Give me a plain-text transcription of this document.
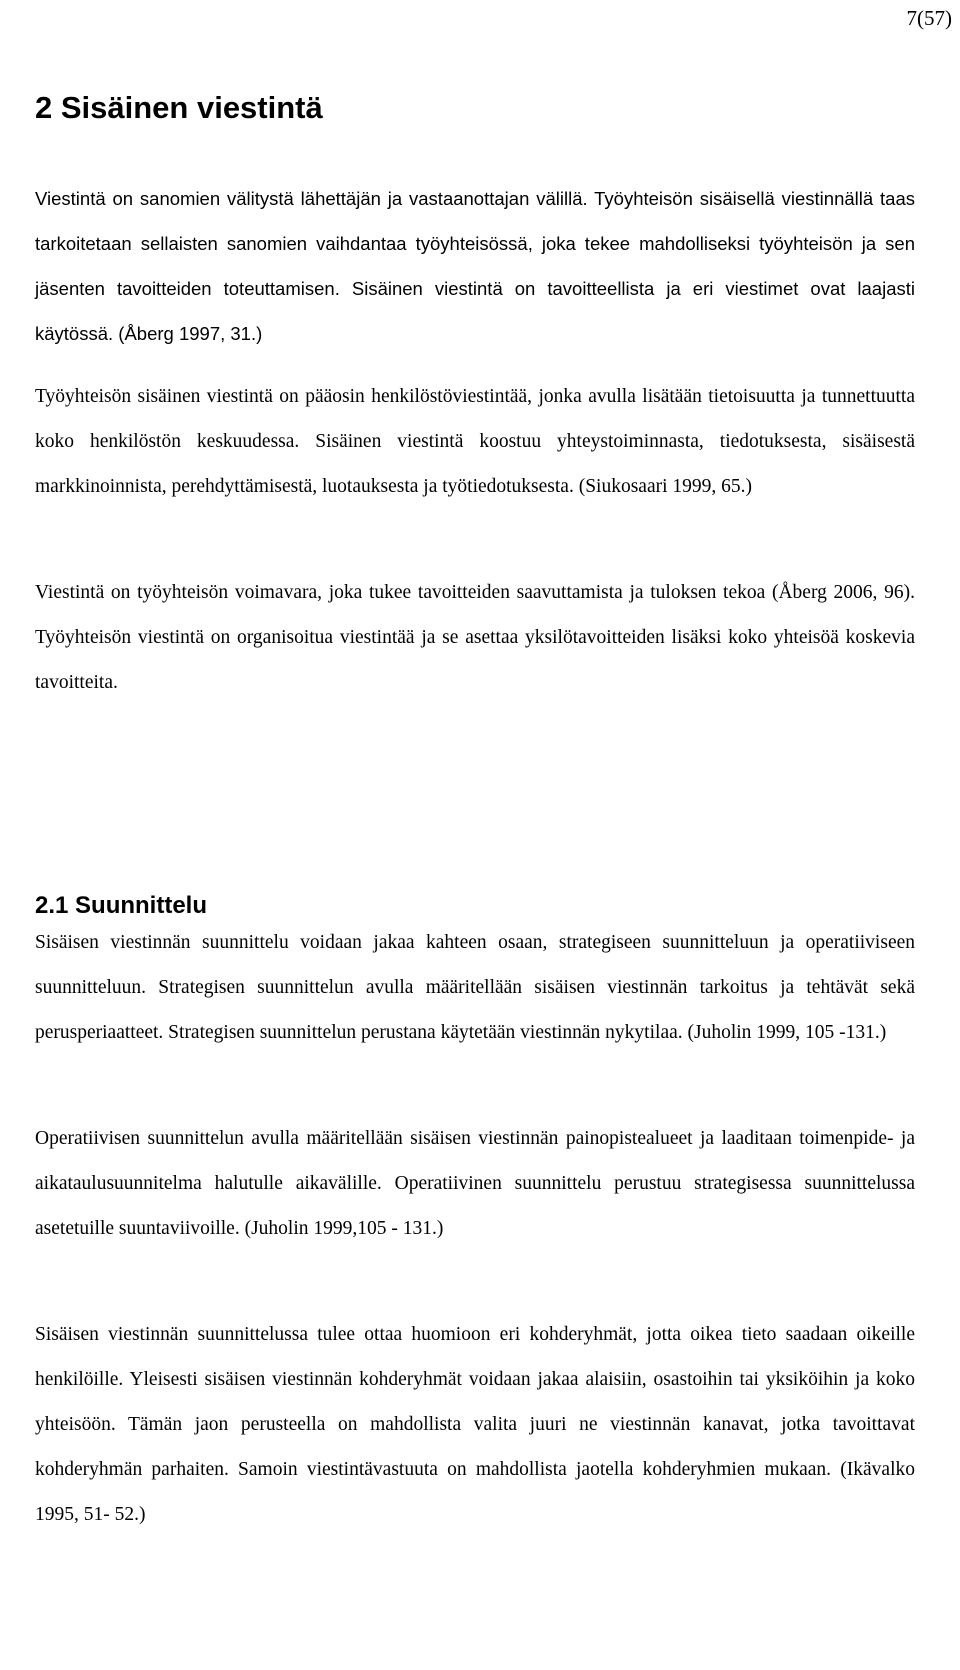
7(57)
2 Sisäinen viestintä

Viestintä on sanomien välitystä lähettäjän ja vastaanottajan välillä. Työyhteisön sisäisellä viestinnällä taas tarkoitetaan sellaisten sanomien vaihdantaa työyhteisössä, joka tekee mahdolliseksi työyhteisön ja sen jäsenten tavoitteiden toteuttamisen. Sisäinen viestintä on tavoitteellista ja eri viestimet ovat laajasti käytössä. (Åberg 1997, 31.)

Työyhteisön sisäinen viestintä on pääosin henkilöstöviestintää, jonka avulla lisätään tietoisuutta ja tunnettuutta koko henkilöstön keskuudessa. Sisäinen viestintä koostuu yhteystoiminnasta, tiedotuksesta, sisäisestä markkinoinnista, perehdyttämisestä, luotauksesta ja työtiedotuksesta. (Siukosaari 1999, 65.)

Viestintä on työyhteisön voimavara, joka tukee tavoitteiden saavuttamista ja tuloksen tekoa (Åberg 2006, 96). Työyhteisön viestintä on organisoitua viestintää ja se asettaa yksilötavoitteiden lisäksi koko yhteisöä koskevia tavoitteita.

2.1 Suunnittelu

Sisäisen viestinnän suunnittelu voidaan jakaa kahteen osaan, strategiseen suunnitteluun ja operatiiviseen suunnitteluun. Strategisen suunnittelun avulla määritellään sisäisen viestinnän tarkoitus ja tehtävät sekä perusperiaatteet. Strategisen suunnittelun perustana käytetään viestinnän nykytilaa. (Juholin 1999, 105 -131.)

Operatiivisen suunnittelun avulla määritellään sisäisen viestinnän painopistealueet ja laaditaan toimenpide- ja aikataulusuunnitelma halutulle aikavälille. Operatiivinen suunnittelu perustuu strategisessa suunnittelussa asetetuille suuntaviivoille. (Juholin 1999,105 - 131.)

Sisäisen viestinnän suunnittelussa tulee ottaa huomioon eri kohderyhmät, jotta oikea tieto saadaan oikeille henkilöille. Yleisesti sisäisen viestinnän kohderyhmät voidaan jakaa alaisiin, osastoihin tai yksiköihin ja koko yhteisöön. Tämän jaon perusteella on mahdollista valita juuri ne viestinnän kanavat, jotka tavoittavat kohderyhmän parhaiten. Samoin viestintävastuuta on mahdollista jaotella kohderyhmien mukaan. (Ikävalko 1995, 51- 52.)
